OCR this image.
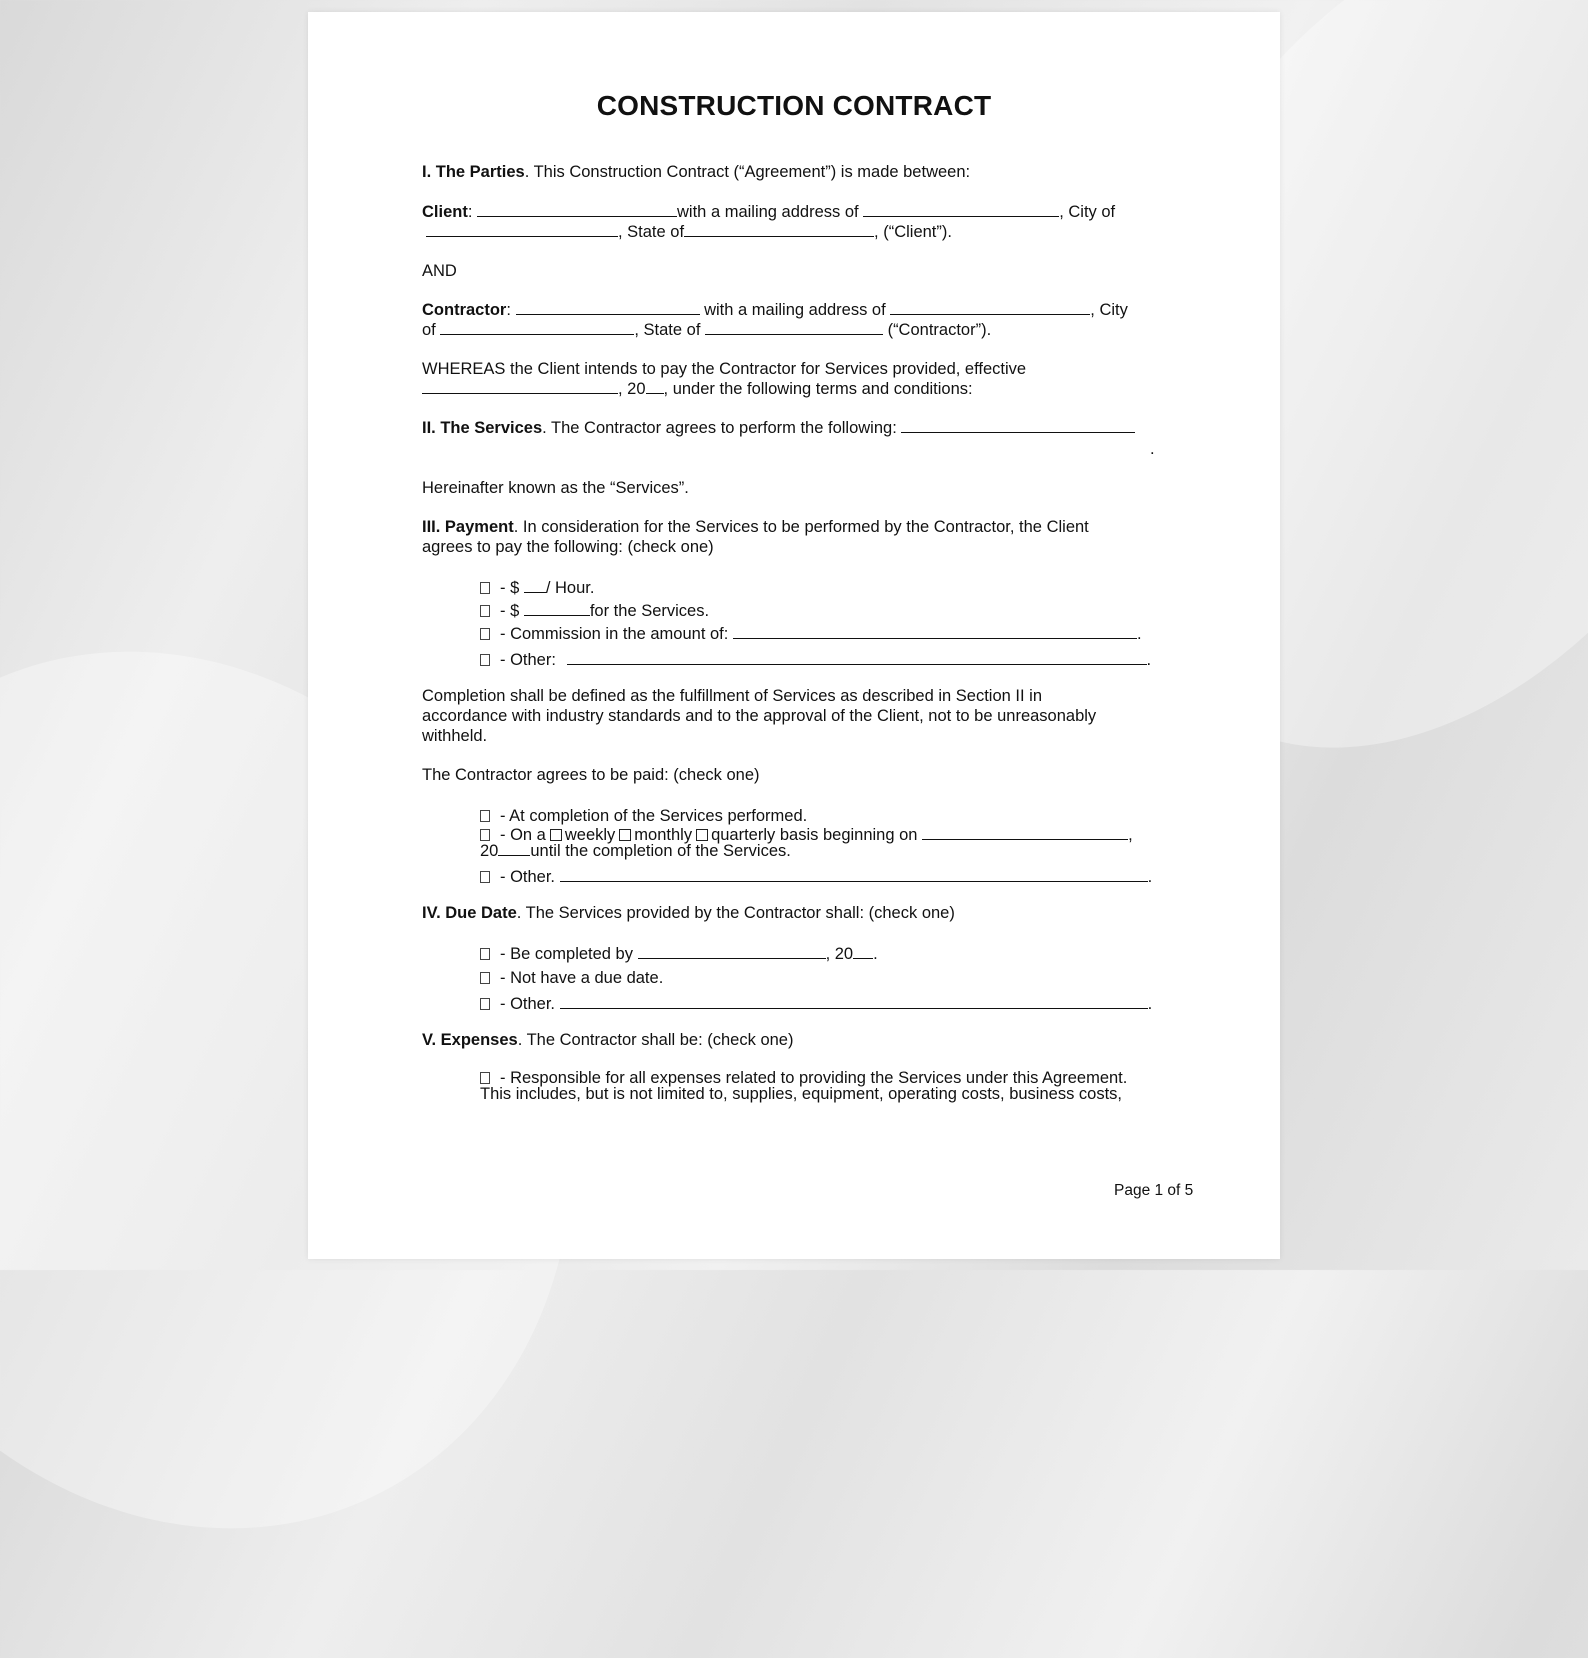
CONSTRUCTION CONTRACT
I. The Parties. This Construction Contract (“Agreement”) is made between:
Client:	with a mailing address of	, City of
, State of	, (“Client”).
AND
Contractor:	with a mailing address of	, City
of	, State of	(“Contractor”).
WHEREAS the Client intends to pay the Contractor for Services provided, effective
, 20 , under the following terms and conditions:
II. The Services. The Contractor agrees to perform the following:
.
Hereinafter known as the “Services”.
III. Payment. In consideration for the Services to be performed by the Contractor, the Client
agrees to pay the following: (check one)
- $ / Hour.
- $	for the Services.
- Commission in the amount of:	.
- Other:	.
Completion shall be defined as the fulfillment of Services as described in Section II in
accordance with industry standards and to the approval of the Client, not to be unreasonably
withheld.
The Contractor agrees to be paid: (check one)
- At completion of the Services performed.
- On a weekly monthly quarterly basis beginning on	,
20 until the completion of the Services.
- Other.	.
IV. Due Date. The Services provided by the Contractor shall: (check one)
- Be completed by	, 20 .
- Not have a due date.
- Other.	.
V. Expenses. The Contractor shall be: (check one)
- Responsible for all expenses related to providing the Services under this Agreement.
This includes, but is not limited to, supplies, equipment, operating costs, business costs,
Page 1 of 5
